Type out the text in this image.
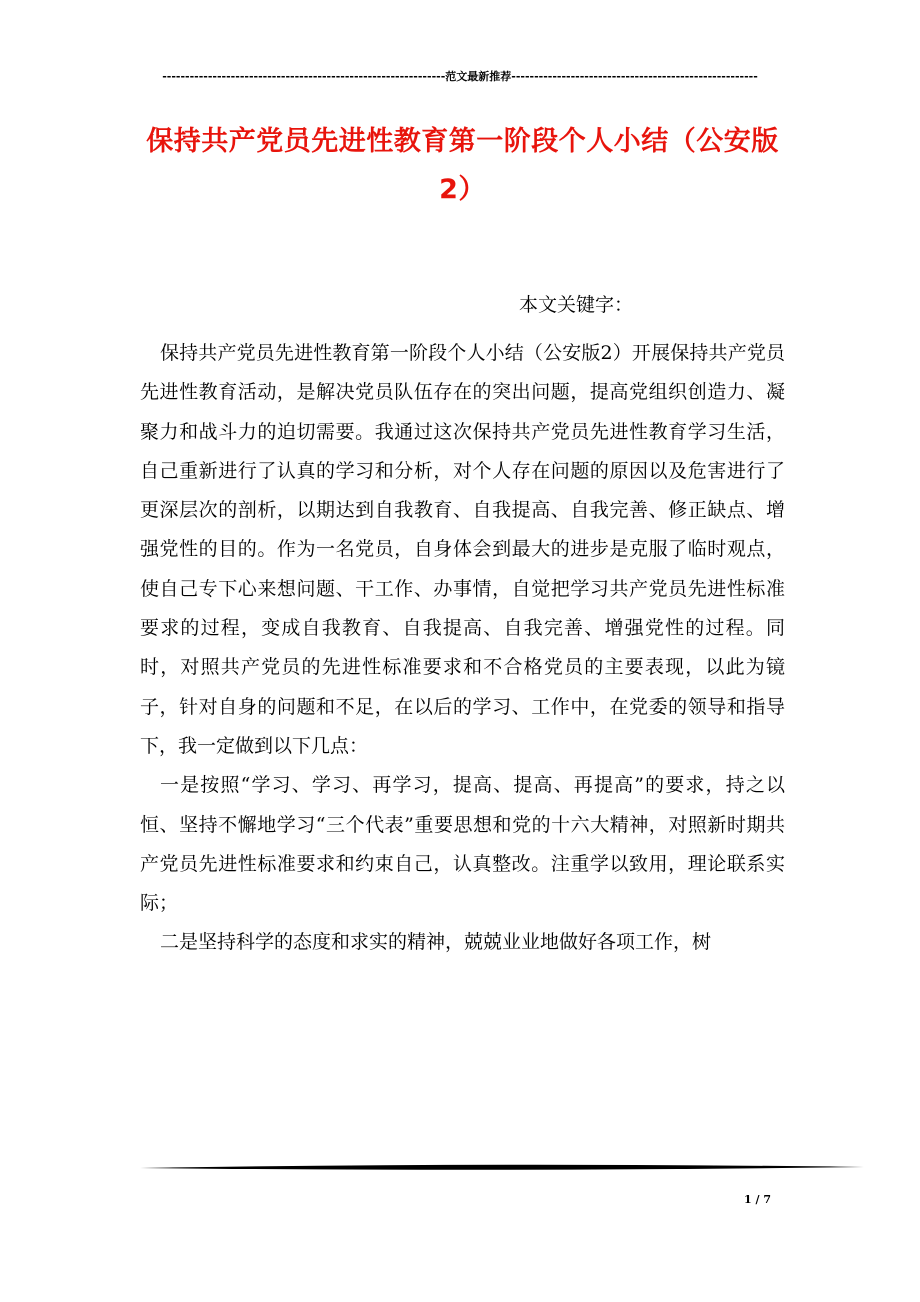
--------------------------------------------------------------范文最新推荐------------------------------------------------------
保持共产党员先进性教育第一阶段个人小结（公安版2）
本文关键字：

保持共产党员先进性教育第一阶段个人小结（公安版2）开展保持共产党员先进性教育活动，是解决党员队伍存在的突出问题，提高党组织创造力、凝聚力和战斗力的迫切需要。我通过这次保持共产党员先进性教育学习生活，自己重新进行了认真的学习和分析，对个人存在问题的原因以及危害进行了更深层次的剖析，以期达到自我教育、自我提高、自我完善、修正缺点、增强党性的目的。作为一名党员，自身体会到最大的进步是克服了临时观点，使自己专下心来想问题、干工作、办事情，自觉把学习共产党员先进性标准要求的过程，变成自我教育、自我提高、自我完善、增强党性的过程。同时，对照共产党员的先进性标准要求和不合格党员的主要表现，以此为镜子，针对自身的问题和不足，在以后的学习、工作中，在党委的领导和指导下，我一定做到以下几点：

一是按照“学习、学习、再学习，提高、提高、再提高”的要求，持之以恒、坚持不懈地学习“三个代表”重要思想和党的十六大精神，对照新时期共产党员先进性标准要求和约束自己，认真整改。注重学以致用，理论联系实际；

二是坚持科学的态度和求实的精神，兢兢业业地做好各项工作，树

1 / 7
